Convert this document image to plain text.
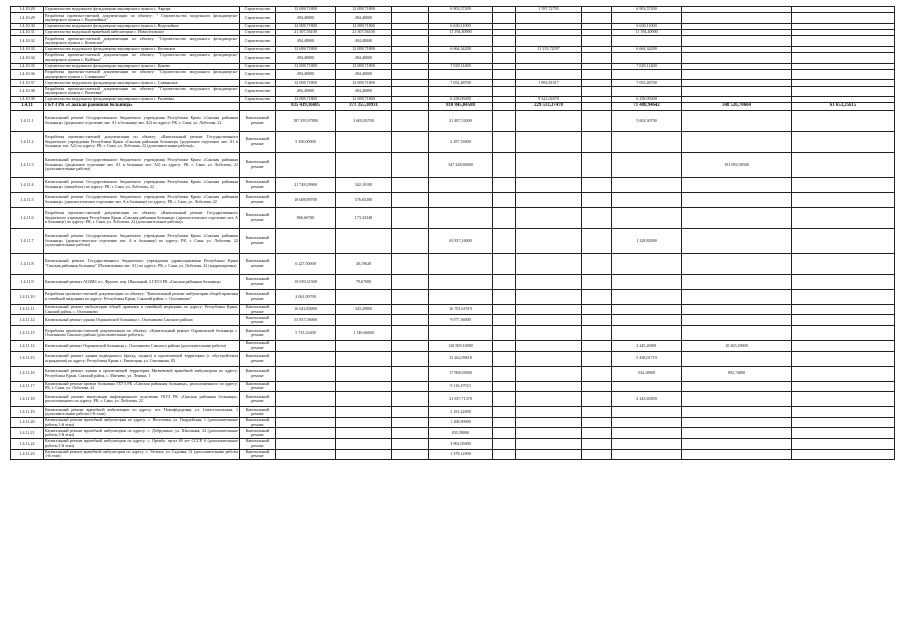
1.4.10.28	Строительство модульного фельдшерско-акушерского пункта с. Аврора	Строительство	12 698,71800	12 698,71800		6 903,57200		1 597,72795		6 903,57200		
1.4.10.29	Разработка проектно-сметной документации по объекту: " Строительство модульного фельдшерско-акушерского пункта с. Водопойное"	Строительство	494,40000	494,40000								
1.4.10.30	Строительство модульного фельдшерско-акушерского пункта с. Водопойное	Строительство	12 698,71800	12 698,71800		6 630,11000				6 630,11000		
1.4.10.31	Строительство модульной врачебной амбулатории с. Новосёловское	Строительство	21 307,56100	21 307,56100		11 194,40900				11 194,40900		
1.4.10.32	Разработка проектно-сметной документации по объекту: "Строительство модульного фельдшерско-акушерского пункта с. Котовское"	Строительство	494,40000	494,40000								
1.4.10.33	Строительство модульного фельдшерско-акушерского пункта с. Котовское	Строительство	12 698,71800	12 698,71800		6 664,34200		11 155,72597		6 664,34200		
1.4.10.34	Разработка проектно-сметной документации по объекту: "Строительство модульного фельдшерско-акушерского пункта с. Куйбыш"	Строительство	494,40000	494,40000								
1.4.10.35	Строительство модульного фельдшерско-акушерского пункта с. Кунево	Строительство	12 698,71800	12 698,71800		7 029,11400				7 029,11400		
1.4.10.36	Разработка проектно-сметной документации по объекту: "Строительство модульного фельдшерско-акушерского пункта с. Славянское"	Строительство	494,40000	494,40000								
1.4.10.37	Строительство модульного фельдшерско-акушерского пункта с. Славянское	Строительство	12 698,71800	12 698,71800		7 052,48700		1 892,81017		7 052,48700		
1.4.10.38	Разработка проектно-сметной документации по объекту: "Строительство модульного фельдшерско-акушерского пункта с. Рылеевка"	Строительство	494,40000	494,40000								
1.4.10.39	Строительство модульного фельдшерско-акушерского пункта с. Рылеевка	Строительство	12 698,71800	12 698,71800		6 258,09400		9 322,02670		6 258,09400		
1.4.11	ГБУЗ РК «Сакская районная больница»		835 439,16685	371 355,10931		810 845,04580		229 513,37478		71 488,94642	348 526,70604	61 653,25615
1.4.11.1	Капитальный ремонт Государственного бюджетного учреждения Республики Крым «Сакская районная больница» (родильное отделение лит. А1 в больнице лит. А2) по адресу: РК, г. Саки, ул. Лобозова, 22	Капитальный ремонт	187 295,97800	3 603,83700		21 487,52000				5 602,30700		
1.4.11.2	Разработка проектно-сметной документации по объекту: «Капитальный ремонт Государственного бюджетного учреждения Республики Крым «Сакская районная больница» (родильное отделение лит. А1 в больнице лит. А2) по адресу: РК, г. Саки, ул. Лобозова, 22 (дополнительные работы)»	Капитальный ремонт	5 100,00000			2 297,33000						
1.4.11.3	Капитальный ремонт Государственного бюджетного учреждения Республики Крым «Сакская районная больница» (родильное отделение лит. А1 в больнице лит. А2) по адресу: РК, г. Саки, ул. Лобозова, 22 (дополнительные работы)	Капитальный ремонт				347 228,86000					191 093,38300	
1.4.11.4	Капитальный ремонт Государственного бюджетного учреждения Республики Крым «Сакская районная больница» (пищеблок) по адресу: РК, г. Саки, ул. Лобозова, 22	Капитальный ремонт	21 748,29900	342,19100								
1.4.11.5	Капитальный ремонт Государственного бюджетного учреждения Республики Крым «Сакская районная больница» (диагностическое отделение лит. А в больнице) по адресу: РК, г. Саки, ул. Лобозова, 22	Капитальный ремонт	18 608,89700	576,65200								
1.4.11.6	Разработка проектно-сметной документации по объекту: «Капитальный ремонт Государственного бюджетного учреждения Республики Крым «Сакская районная больница» (диагностическое отделение лит. А в больнице) по адресу: РК, г. Саки, ул. Лобозова, 22 (дополнительные работы)»	Капитальный ремонт	866,66700	173,33348								
1.4.11.7	Капитальный ремонт Государственного бюджетного учреждения Республики Крым «Сакская районная больница» (диагностическое отделение лит. А в больнице) по адресу: РК, г. Саки, ул. Лобозова, 22 (дополнительные работы)	Капитальный ремонт				65 837,16000				1 228,82000		
1.4.11.8	Капитальный ремонт Государственного бюджетного учреждения здравоохранения Республики Крым "Сакская районная больница" (Поликлиника лит. А1) по адресу: РК, г. Саки, ул. Лобозова, 22 (корректировка)	Капитальный ремонт	6 227,50000	40,19620								
1.4.11.9	Капитальный ремонт АОЗМС в с. Фрунзе, пер. Школьный, 2 ГБУЗ РК «Сакская районная больница»	Капитальный ремонт	10 039,31500	79,67000								
1.4.11.10	Разработка проектно-сметной документации по объекту: "Капитальный ремонт амбулатории общей практики и семейной медицины по адресу: Республика Крым, Сакский район, с. Охотниково"	Капитальный ремонт	2 061,09700									
1.4.11.11	Капитальный ремонт амбулатории общей практики и семейной медицины по адресу: Республика Крым, Сакский район, с. Охотниково	Капитальный ремонт	16 042,83000	343,29900		16 701,61919						
1.4.11.12	Капитальный ремонт здания Охрановской больницы с. Охотниково Сакского района	Капитальный ремонт	53 857,56000			9 077,36000						
1.4.11.13	Разработка проектно-сметной документации по объекту: «Капитальный ремонт Охрановской больницы с. Охотниково Сакского района (дополнительные работы)»	Капитальный ремонт	5 733,33400	1 146,66600								
1.4.11.14	Капитальный ремонт Охрановской больницы с. Охотниково Сакского района (дополнительные работы)	Капитальный ремонт				128 509,10000				2 245,26001	10 265,39000	
1.4.11.15	Капитальный ремонт здания подводимого (фасад, подвал) и прилегающей территории (с обустройством ограждения) по адресу: Республика Крым, г. Евпатория, ул. Смелянова, 83	Капитальный ремонт				13 262,09618				5 438,01719		
1.4.11.16	Капитальный ремонт здания и прилегающей территории Митяевской врачебной амбулатории по адресу: Республика Крым, Сакский район, с. Митяево, ул. Ленина, 1	Капитальный ремонт				17 908,05000				334,10000	892,74000	
1.4.11.17	Капитальный ремонт кровли больницы ГБУЗ РК «Сакская районная больница», расположенного по адресу: РК, г. Саки, ул. Лобозова, 22	Капитальный ремонт				9 116,19723						
1.4.11.18	Капитальный ремонт вентиляции инфекционного отделения ГБУЗ РК «Сакская районная больница», расположенного по адресу: РК, г. Саки, ул. Лобозова, 22	Капитальный ремонт				21 637,71378				2 243,65839		
1.4.11.19	Капитальный ремонт врачебной амбулатории по адресу: пгт. Новофёдоровка, ул. Севастопольская, 1 (дополнительные работы 1-й этап)	Капитальный ремонт				2 181,22000						
1.4.11.20	Капитальный ремонт врачебной амбулатории по адресу: с. Веселовка, ул. Гвардейская, 1 (дополнительные работы 1-й этап)	Капитальный ремонт				1 268,90000						
1.4.11.21	Капитальный ремонт врачебной амбулатории по адресу: с. Добрушино, ул. Школьная, 24 (дополнительные работы 1-й этап)	Капитальный ремонт				835,58000						
1.4.11.22	Капитальный ремонт врачебной амбулатории по адресу: с. Оренбо, пр-кт 60 лет СССР, 6 (дополнительные работы 1-й этап)	Капитальный ремонт				3 902,05000						
1.4.11.23	Капитальный ремонт врачебной амбулатории по адресу: с. Уютное, ул. Садовая, 31 (дополнительные работы 1-й этап)	Капитальный ремонт				1 379,12000						
